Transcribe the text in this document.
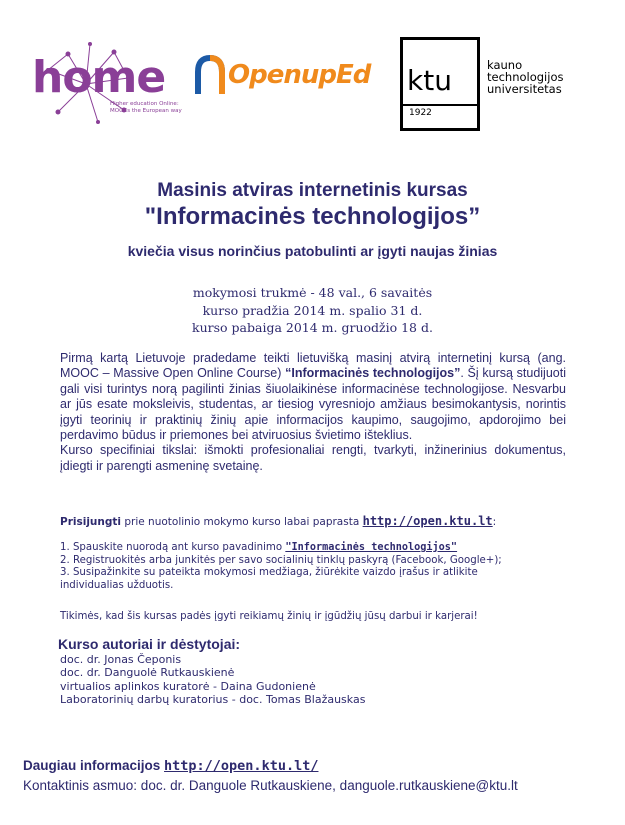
home
Higher education Online:
MOOCs the European way
OpenupEd ktu
1922
kauno
technologijos
universitetas
Masinis atviras internetinis kursas
"Informacinės technologijos”
kviečia visus norinčius patobulinti ar įgyti naujas žinias
mokymosi trukmė - 48 val., 6 savaitės
kurso pradžia 2014 m. spalio 31 d.
kurso pabaiga 2014 m. gruodžio 18 d.
Pirmą kartą Lietuvoje pradedame teikti lietuvišką masinį atvirą internetinį kursą (ang. MOOC – Massive Open Online Course) “Informacinės technologijos”. Šį kursą studijuoti gali visi turintys norą pagilinti žinias šiuolaikinėse informacinėse technologijose. Nesvarbu ar jūs esate moksleivis, studentas, ar tiesiog vyresniojo amžiaus besimokantysis, norintis įgyti teorinių ir praktinių žinių apie informacijos kaupimo, saugojimo, apdorojimo bei perdavimo būdus ir priemones bei atviruosius švietimo išteklius.
Kurso specifiniai tikslai: išmokti profesionaliai rengti, tvarkyti, inžinerinius dokumentus, įdiegti ir parengti asmeninę svetainę.
Prisijungti prie nuotolinio mokymo kurso labai paprasta http://open.ktu.lt:
1. Spauskite nuorodą ant kurso pavadinimo "Informacinės technologijos"
2. Registruokitės arba junkitės per savo socialinių tinklų paskyrą (Facebook, Google+);
3. Susipažinkite su pateikta mokymosi medžiaga, žiūrėkite vaizdo įrašus ir atlikite
individualias užduotis.
Tikimės, kad šis kursas padės įgyti reikiamų žinių ir įgūdžių jūsų darbui ir karjerai!
Kurso autoriai ir dėstytojai:
doc. dr. Jonas Čeponis
doc. dr. Danguolė Rutkauskienė
virtualios aplinkos kuratorė - Daina Gudonienė
Laboratorinių darbų kuratorius - doc. Tomas Blažauskas
Daugiau informacijos http://open.ktu.lt/
Kontaktinis asmuo: doc. dr. Danguole Rutkauskiene, danguole.rutkauskiene@ktu.lt
